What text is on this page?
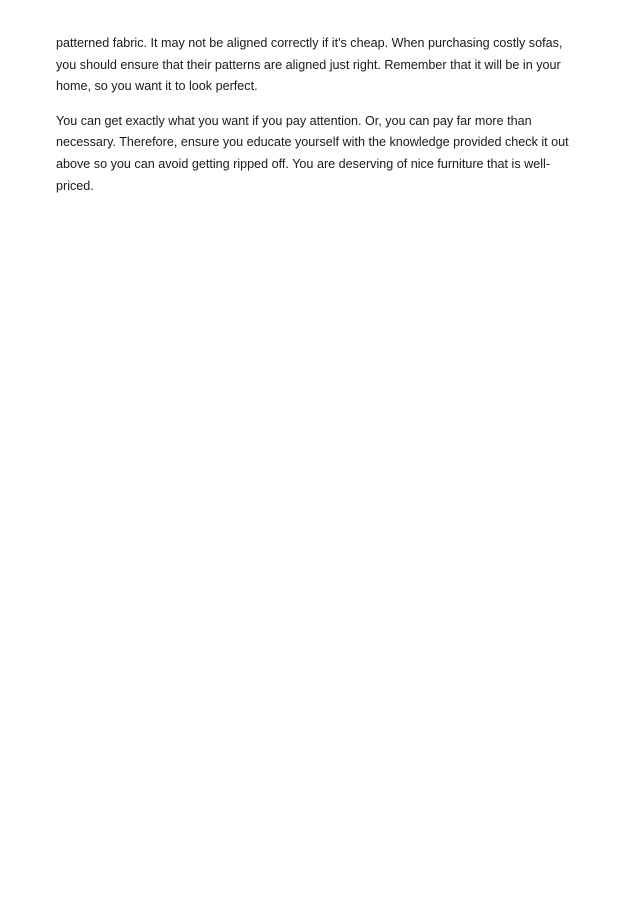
patterned fabric. It may not be aligned correctly if it's cheap. When purchasing costly sofas,
you should ensure that their patterns are aligned just right. Remember that it will be in your
home, so you want it to look perfect.

You can get exactly what you want if you pay attention. Or, you can pay far more than
necessary. Therefore, ensure you educate yourself with the knowledge provided check it out
above so you can avoid getting ripped off. You are deserving of nice furniture that is well-
priced.
